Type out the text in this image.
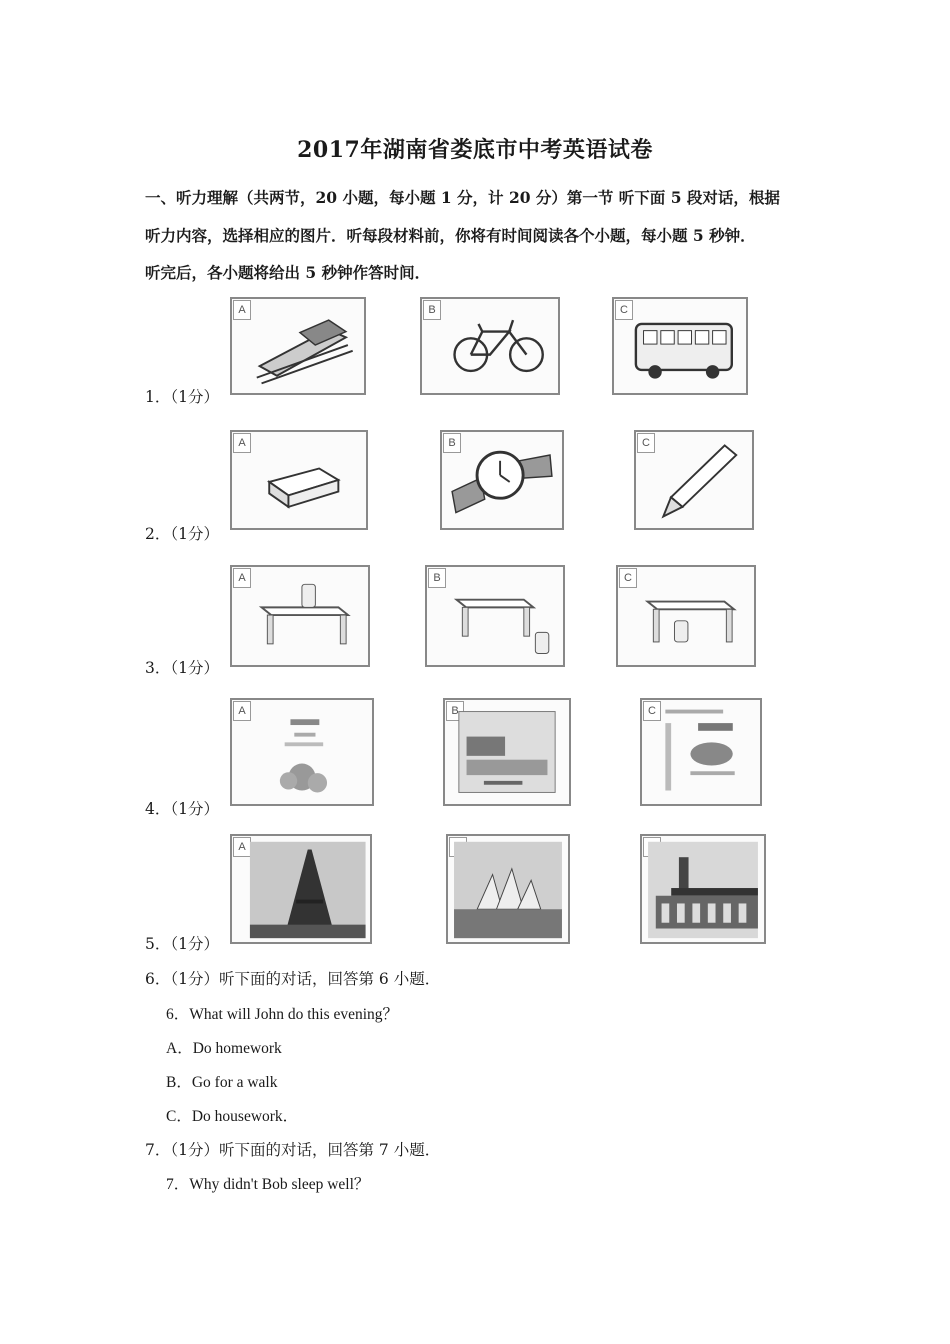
2017年湖南省娄底市中考英语试卷
一、听力理解（共两节，20 小题，每小题 1 分，计 20 分）第一节 听下面 5 段对话，根据
听力内容，选择相应的图片．听每段材料前，你将有时间阅读各个小题，每小题 5 秒钟．
听完后，各小题将给出 5 秒钟作答时间．
1．（1分）
A	B	C
2．（1分）
A	B	C
3．（1分）
A	B	C
4．（1分）
A	B	C
5．（1分）
A
6．（1分）听下面的对话，回答第 6 小题．
6．What will John do this evening？
A．Do homework
B．Go for a walk
C．Do housework．
7．（1分）听下面的对话，回答第 7 小题．
7．Why didn't Bob sleep well？
